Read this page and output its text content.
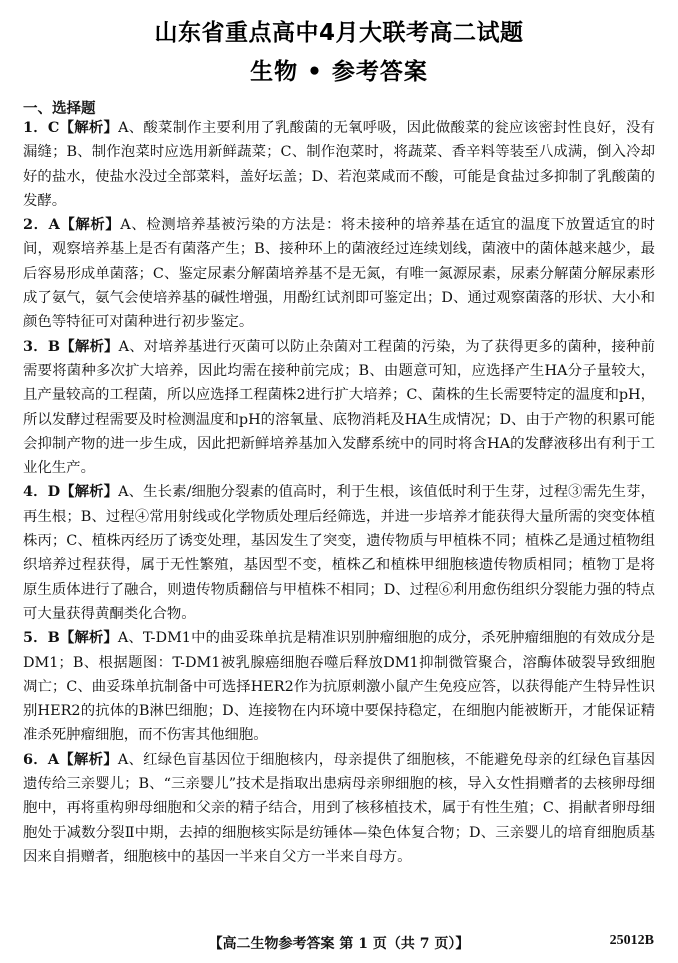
山东省重点高中4月大联考高二试题
生物 • 参考答案
一、选择题

1．C【解析】A、酸菜制作主要利用了乳酸菌的无氧呼吸，因此做酸菜的瓮应该密封性良好，没有漏缝；B、制作泡菜时应选用新鲜蔬菜；C、制作泡菜时，将蔬菜、香辛料等装至八成满，倒入冷却好的盐水，使盐水没过全部菜料，盖好坛盖；D、若泡菜咸而不酸，可能是食盐过多抑制了乳酸菌的发酵。

2．A【解析】A、检测培养基被污染的方法是：将未接种的培养基在适宜的温度下放置适宜的时间，观察培养基上是否有菌落产生；B、接种环上的菌液经过连续划线，菌液中的菌体越来越少，最后容易形成单菌落；C、鉴定尿素分解菌培养基不是无氮，有唯一氮源尿素，尿素分解菌分解尿素形成了氨气，氨气会使培养基的碱性增强，用酚红试剂即可鉴定出；D、通过观察菌落的形状、大小和颜色等特征可对菌种进行初步鉴定。

3．B【解析】A、对培养基进行灭菌可以防止杂菌对工程菌的污染，为了获得更多的菌种，接种前需要将菌种多次扩大培养，因此均需在接种前完成；B、由题意可知，应选择产生HA分子量较大，且产量较高的工程菌，所以应选择工程菌株2进行扩大培养；C、菌株的生长需要特定的温度和pH，所以发酵过程需要及时检测温度和pH的溶氧量、底物消耗及HA生成情况；D、由于产物的积累可能会抑制产物的进一步生成，因此把新鲜培养基加入发酵系统中的同时将含HA的发酵液移出有利于工业化生产。

4．D【解析】A、生长素/细胞分裂素的值高时，利于生根，该值低时利于生芽，过程③需先生芽，再生根；B、过程④常用射线或化学物质处理后经筛选，并进一步培养才能获得大量所需的突变体植株丙；C、植株丙经历了诱变处理，基因发生了突变，遗传物质与甲植株不同；植株乙是通过植物组织培养过程获得，属于无性繁殖，基因型不变，植株乙和植株甲细胞核遗传物质相同；植物丁是将原生质体进行了融合，则遗传物质翻倍与甲植株不相同；D、过程⑥利用愈伤组织分裂能力强的特点可大量获得黄酮类化合物。

5．B【解析】A、T-DM1中的曲妥珠单抗是精准识别肿瘤细胞的成分，杀死肿瘤细胞的有效成分是DM1；B、根据题图：T-DM1被乳腺癌细胞吞噬后释放DM1抑制微管聚合，溶酶体破裂导致细胞凋亡；C、曲妥珠单抗制备中可选择HER2作为抗原刺激小鼠产生免疫应答，以获得能产生特异性识别HER2的抗体的B淋巴细胞；D、连接物在内环境中要保持稳定，在细胞内能被断开，才能保证精准杀死肿瘤细胞，而不伤害其他细胞。

6．A【解析】A、红绿色盲基因位于细胞核内，母亲提供了细胞核，不能避免母亲的红绿色盲基因遗传给三亲婴儿；B、“三亲婴儿”技术是指取出患病母亲卵细胞的核，导入女性捐赠者的去核卵母细胞中，再将重构卵母细胞和父亲的精子结合，用到了核移植技术，属于有性生殖；C、捐献者卵母细胞处于减数分裂Ⅱ中期，去掉的细胞核实际是纺锤体—染色体复合物；D、三亲婴儿的培育细胞质基因来自捐赠者，细胞核中的基因一半来自父方一半来自母方。

【高二生物参考答案 第 1 页（共 7 页）】	25012B
